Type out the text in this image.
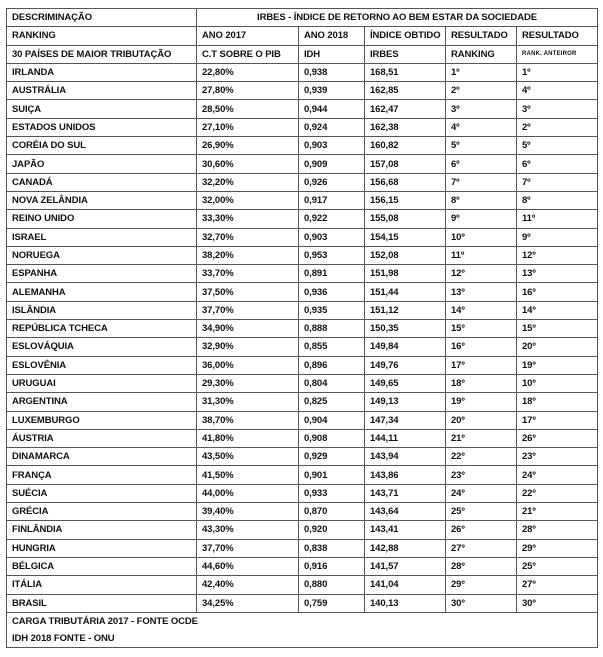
DESCRIMINAÇÃO	IRBES - ÍNDICE DE RETORNO AO BEM ESTAR DA SOCIEDADE				
RANKING	ANO 2017	ANO 2018	ÍNDICE OBTIDO	RESULTADO	RESULTADO
30 PAÍSES DE MAIOR TRIBUTAÇÃO	C.T SOBRE O PIB	IDH	IRBES	RANKING	RANK. ANTEIROR
IRLANDA	22,80%	0,938	168,51	1º	1º
AUSTRÁLIA	27,80%	0,939	162,85	2º	4º
SUIÇA	28,50%	0,944	162,47	3º	3º
ESTADOS UNIDOS	27,10%	0,924	162,38	4º	2º
CORÉIA DO SUL	26,90%	0,903	160,82	5º	5º
JAPÃO	30,60%	0,909	157,08	6º	6º
CANADÁ	32,20%	0,926	156,68	7º	7º
NOVA ZELÂNDIA	32,00%	0,917	156,15	8º	8º
REINO UNIDO	33,30%	0,922	155,08	9º	11º
ISRAEL	32,70%	0,903	154,15	10º	9º
NORUEGA	38,20%	0,953	152,08	11º	12º
ESPANHA	33,70%	0,891	151,98	12º	13º
ALEMANHA	37,50%	0,936	151,44	13º	16º
ISLÂNDIA	37,70%	0,935	151,12	14º	14º
REPÚBLICA TCHECA	34,90%	0,888	150,35	15º	15º
ESLOVÁQUIA	32,90%	0,855	149,84	16º	20º
ESLOVÊNIA	36,00%	0,896	149,76	17º	19º
URUGUAI	29,30%	0,804	149,65	18º	10º
ARGENTINA	31,30%	0,825	149,13	19º	18º
LUXEMBURGO	38,70%	0,904	147,34	20º	17º
ÁUSTRIA	41,80%	0,908	144,11	21º	26º
DINAMARCA	43,50%	0,929	143,94	22º	23º
FRANÇA	41,50%	0,901	143,86	23º	24º
SUÉCIA	44,00%	0,933	143,71	24º	22º
GRÉCIA	39,40%	0,870	143,64	25º	21º
FINLÂNDIA	43,30%	0,920	143,41	26º	28º
HUNGRIA	37,70%	0,838	142,88	27º	29º
BÉLGICA	44,60%	0,916	141,57	28º	25º
ITÁLIA	42,40%	0,880	141,04	29º	27º
BRASIL	34,25%	0,759	140,13	30º	30º
CARGA TRIBUTÁRIA 2017 - FONTE OCDE					
IDH 2018 FONTE - ONU					
